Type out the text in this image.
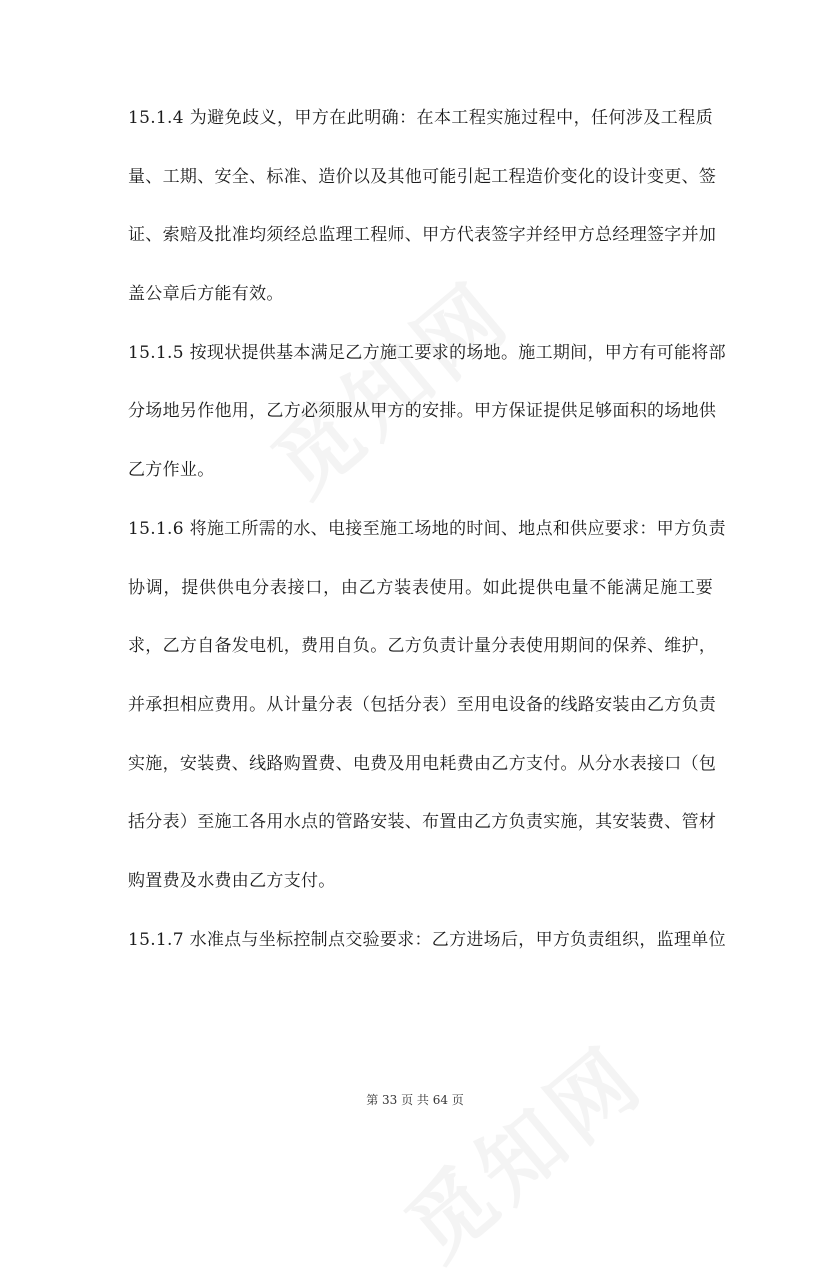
15.1.4 为避免歧义，甲方在此明确：在本工程实施过程中，任何涉及工程质
量、工期、安全、标准、造价以及其他可能引起工程造价变化的设计变更、签
证、索赔及批准均须经总监理工程师、甲方代表签字并经甲方总经理签字并加
盖公章后方能有效。
15.1.5 按现状提供基本满足乙方施工要求的场地。施工期间，甲方有可能将部
分场地另作他用，乙方必须服从甲方的安排。甲方保证提供足够面积的场地供
乙方作业。
15.1.6 将施工所需的水、电接至施工场地的时间、地点和供应要求：甲方负责
协调，提供供电分表接口，由乙方装表使用。如此提供电量不能满足施工要
求，乙方自备发电机，费用自负。乙方负责计量分表使用期间的保养、维护，
并承担相应费用。从计量分表（包括分表）至用电设备的线路安装由乙方负责
实施，安装费、线路购置费、电费及用电耗费由乙方支付。从分水表接口（包
括分表）至施工各用水点的管路安装、布置由乙方负责实施，其安装费、管材
购置费及水费由乙方支付。
15.1.7 水准点与坐标控制点交验要求：乙方进场后，甲方负责组织，监理单位
第 33 页 共 64 页
